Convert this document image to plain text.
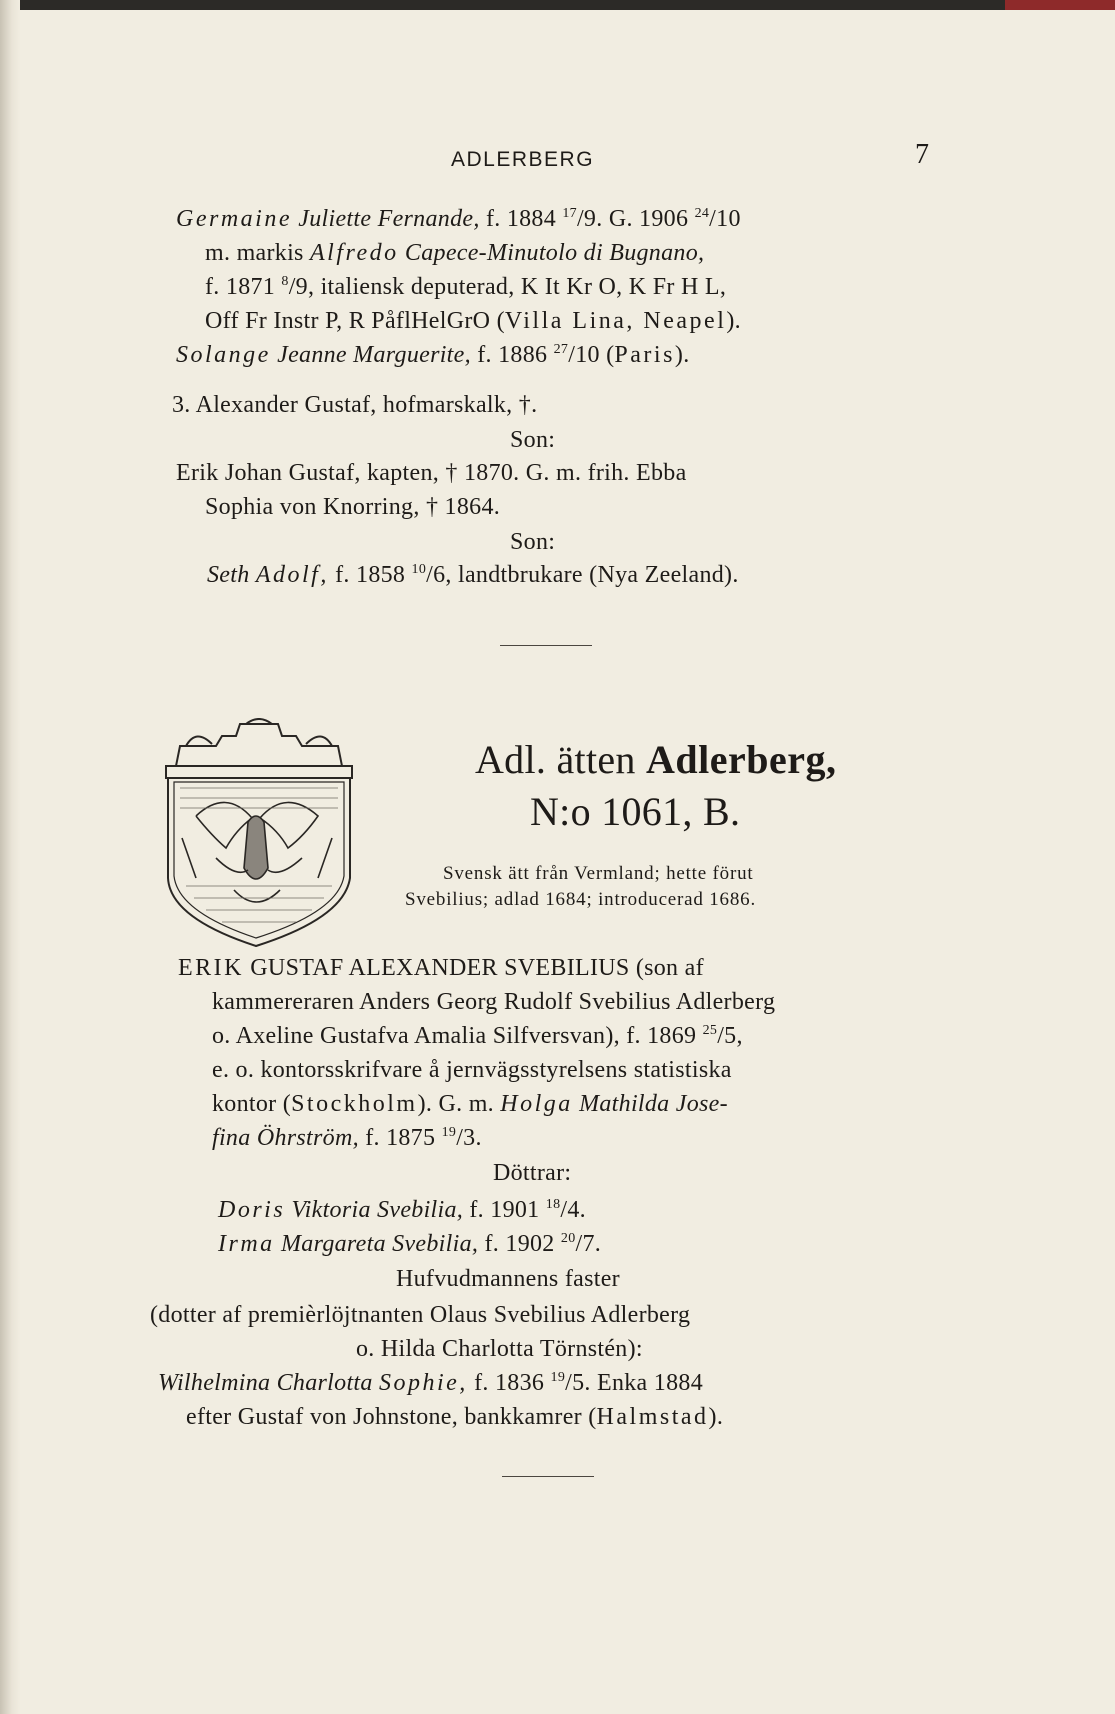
ADLERBERG	7
Germaine Juliette Fernande, f. 1884 $^{17}$/9. G. 1906 $^{24}$/10
m. markis Alfredo Capece-Minutolo di Bugnano,
f. 1871 $^8$/9, italiensk deputerad, K It Kr O, K Fr H L,
Off Fr Instr P, R PåflHelGrO (Villa Lina, Neapel).
Solange Jeanne Marguerite, f. 1886 $^{27}$/10 (Paris).
3. Alexander Gustaf, hofmarskalk, †.
Son:
Erik Johan Gustaf, kapten, † 1870. G. m. frih. Ebba
Sophia von Knorring, † 1864.
Son:
Seth Adolf, f. 1858 $^{10}$/6, landtbrukare (Nya Zeeland).
Adl. ätten Adlerberg,
N:o 1061, B.
Svensk ätt från Vermland; hette förut
Svebilius; adlad 1684; introducerad 1686.
ERIK GUSTAF ALEXANDER SVEBILIUS (son af
kammereraren Anders Georg Rudolf Svebilius Adlerberg
o. Axeline Gustafva Amalia Silfversvan), f. 1869 $^{25}$/5,
e. o. kontorsskrifvare å jernvägsstyrelsens statistiska
kontor (Stockholm). G. m. Holga Mathilda Jose-
fina Öhrström, f. 1875 $^{19}$/3.
Döttrar:
Doris Viktoria Svebilia, f. 1901 $^{18}$/4.
Irma Margareta Svebilia, f. 1902 $^{20}$/7.
Hufvudmannens faster
(dotter af premièrlöjtnanten Olaus Svebilius Adlerberg
o. Hilda Charlotta Törnstén):
Wilhelmina Charlotta Sophie, f. 1836 $^{19}$/5. Enka 1884
efter Gustaf von Johnstone, bankkamrer (Halmstad).
